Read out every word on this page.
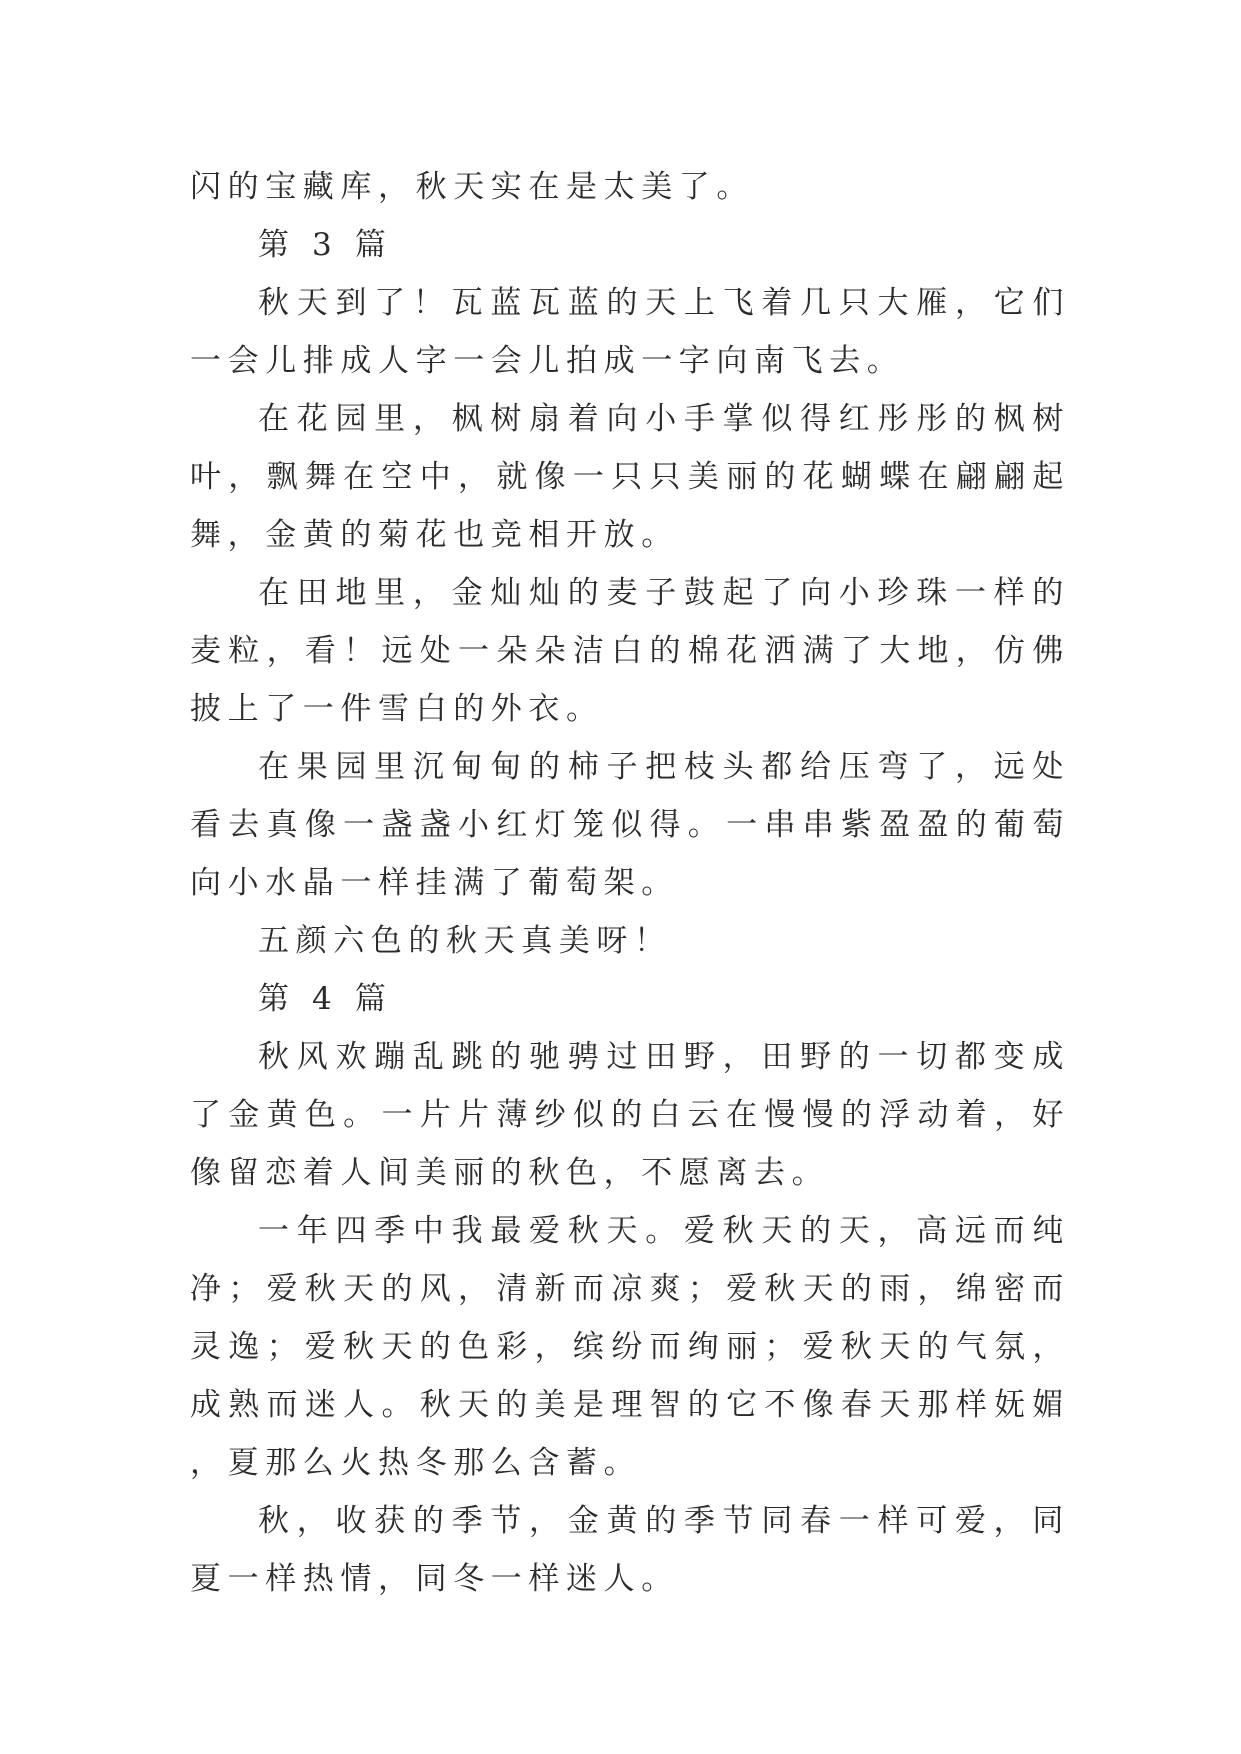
闪的宝藏库，秋天实在是太美了。

第 3 篇

秋天到了！瓦蓝瓦蓝的天上飞着几只大雁，它们一会儿排成人字一会儿拍成一字向南飞去。

在花园里，枫树扇着向小手掌似得红彤彤的枫树叶，飘舞在空中，就像一只只美丽的花蝴蝶在翩翩起舞，金黄的菊花也竞相开放。

在田地里，金灿灿的麦子鼓起了向小珍珠一样的麦粒，看！远处一朵朵洁白的棉花洒满了大地，仿佛披上了一件雪白的外衣。

在果园里沉甸甸的柿子把枝头都给压弯了，远处看去真像一盏盏小红灯笼似得。一串串紫盈盈的葡萄向小水晶一样挂满了葡萄架。

五颜六色的秋天真美呀！

第 4 篇

秋风欢蹦乱跳的驰骋过田野，田野的一切都变成了金黄色。一片片薄纱似的白云在慢慢的浮动着，好像留恋着人间美丽的秋色，不愿离去。

一年四季中我最爱秋天。爱秋天的天，高远而纯净；爱秋天的风，清新而凉爽；爱秋天的雨，绵密而灵逸；爱秋天的色彩，缤纷而绚丽；爱秋天的气氛，成熟而迷人。秋天的美是理智的它不像春天那样妩媚，夏那么火热冬那么含蓄。

秋，收获的季节，金黄的季节同春一样可爱，同夏一样热情，同冬一样迷人。
